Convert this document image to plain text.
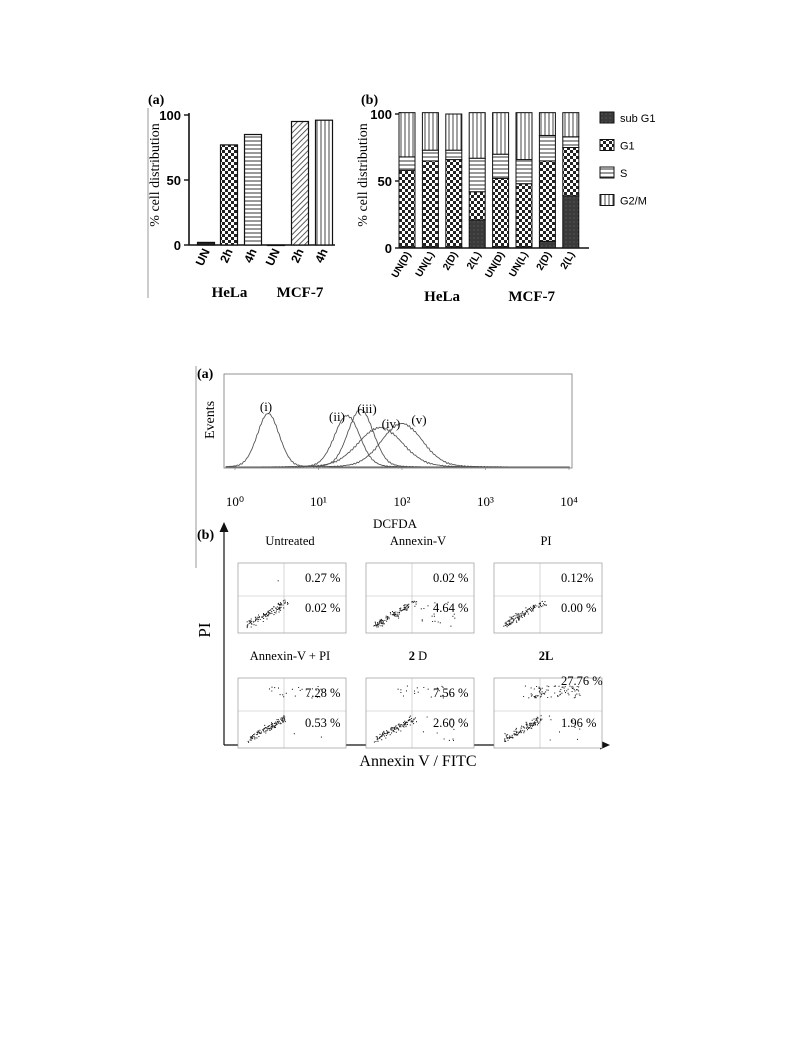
(a)
% cell distribution
0
50
100
UN 2h 4h UN 2h 4h
HeLa MCF-7
(b)
% cell distribution
0
50
100
UN(D) UN(L) 2(D) 2(L) UN(D) UN(L) 2(D) 2(L)
sub G1
G1
S
G2/M
HeLa	MCF-7
(a)
Events	(i)
(ii)
(iii)
(iv) (v)
10⁰	10¹	10²	10³	10⁴
DCFDA
(b)
PI
Annexin V / FITC
Untreated
0.27 %
0.02 %
Annexin-V
0.02 %
4.64 %
PI
0.12%
0.00 %
Annexin-V + PI
7.28 %
0.53 %
2 D
7.56 %
2.60 %
2L
27.76 %
1.96 %
